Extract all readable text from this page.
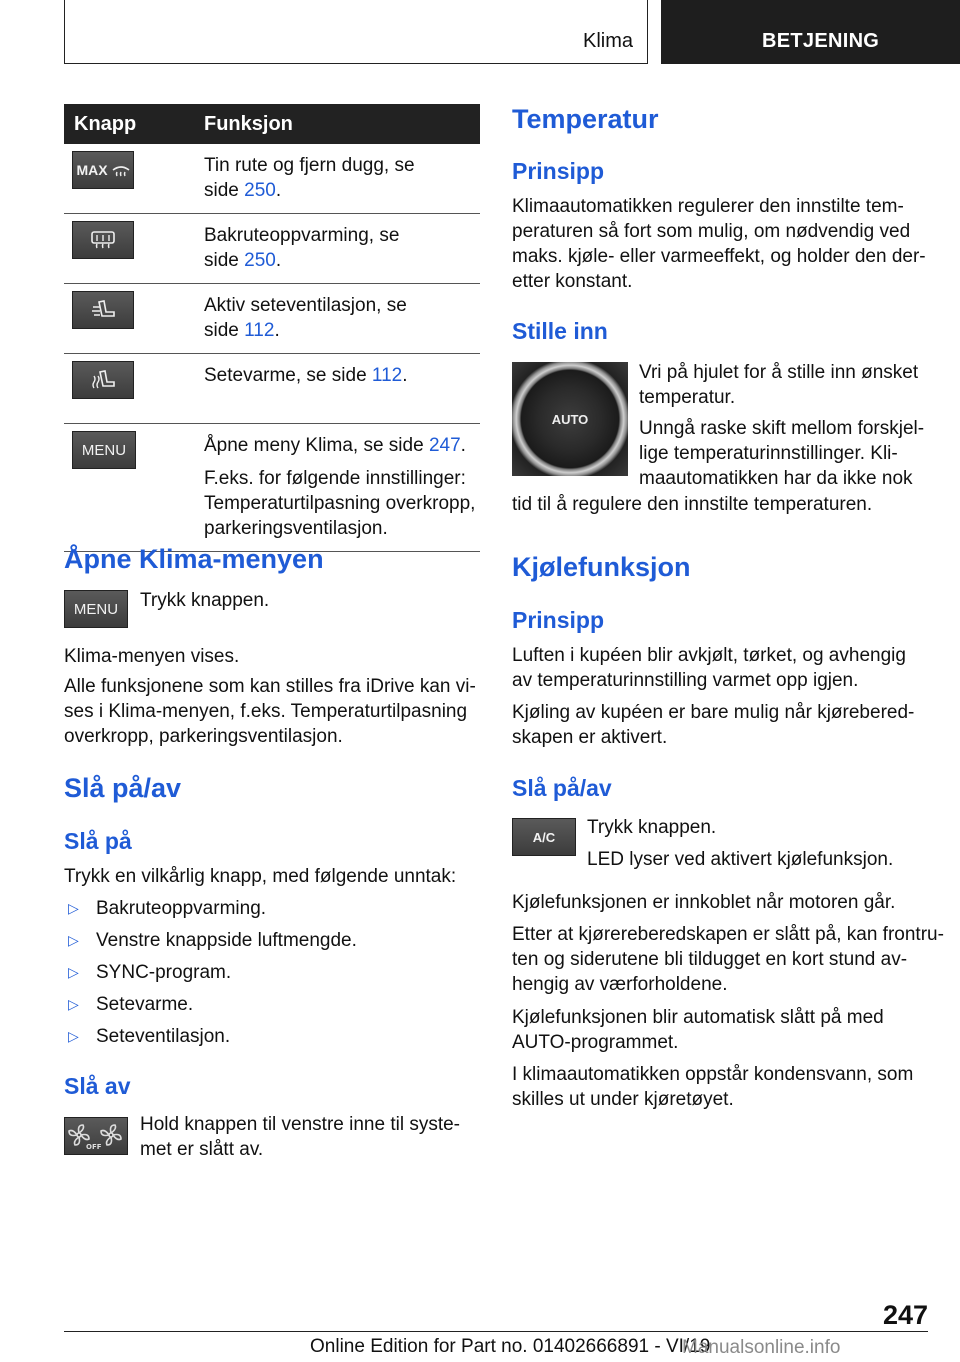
Klima	BETJENING
Knapp	Funksjon

MAX	Tin rute og fjern dugg, se
side 250.

Bakruteoppvarming, se
side 250.

Aktiv seteventilasjon, se
side 112.

Setevarme, se side 112.

MENU	Åpne meny Klima, se side 247.

F.eks. for følgende innstillinger:
Temperaturtilpasning overkropp,
parkeringsventilasjon.

Åpne Klima-menyen
MENU	Trykk knappen.

Klima-menyen vises.

Alle funksjonene som kan stilles fra iDrive kan vi-
ses i Klima-menyen, f.eks. Temperaturtilpasning
overkropp, parkeringsventilasjon.

Slå på/av
Slå på

Trykk en vilkårlig knapp, med følgende unntak:

▷ Bakruteoppvarming.
▷ Venstre knappside luftmengde.
▷ SYNC-program.
▷ Setevarme.
▷ Seteventilasjon.
Slå av
OFF

Hold knappen til venstre inne til syste-
met er slått av.

Temperatur
Prinsipp

Klimaautomatikken regulerer den innstilte tem-
peraturen så fort som mulig, om nødvendig ved
maks. kjøle- eller varmeeffekt, og holder den der-
etter konstant.

Stille inn
AUTO

Vri på hjulet for å stille inn ønsket
temperatur.

Unngå raske skift mellom forskjel-
lige temperaturinnstillinger. Kli-
maautomatikken har da ikke nok

tid til å regulere den innstilte temperaturen.

Kjølefunksjon
Prinsipp

Luften i kupéen blir avkjølt, tørket, og avhengig
av temperaturinnstilling varmet opp igjen.

Kjøling av kupéen er bare mulig når kjørebered-
skapen er aktivert.

Slå på/av
A/C	Trykk knappen.

LED lyser ved aktivert kjølefunksjon.

Kjølefunksjonen er innkoblet når motoren går.

Etter at kjørereberedskapen er slått på, kan frontru-
ten og siderutene bli tildugget en kort stund av-
hengig av værforholdene.

Kjølefunksjonen blir automatisk slått på med
AUTO-programmet.

I klimaautomatikken oppstår kondensvann, som
skilles ut under kjøretøyet.

247
Online Edition for Part no. 01402666891 - VI/19
Manualsonline.info
